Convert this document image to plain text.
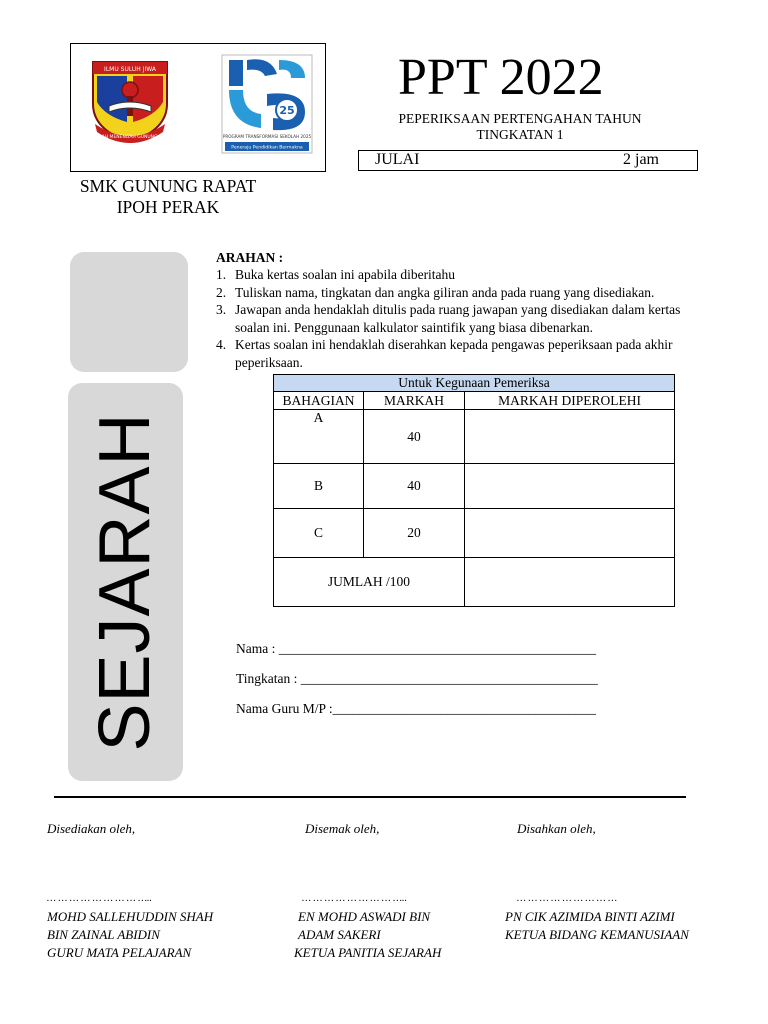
ILMU SULUH JIWA
SEKOLAH MENENGAH GUNUNG RAPAT
25
PROGRAM TRANSFORMASI SEKOLAH 2025
Peneraju Pendidikan Bermakna
PPT 2022
PEPERIKSAAN PERTENGAHAN TAHUN
TINGKATAN 1
JULAI	2 jam
SMK GUNUNG RAPAT
IPOH PERAK
SEJARAH
ARAHAN :
1. Buka kertas soalan ini apabila diberitahu
2. Tuliskan nama, tingkatan dan angka giliran anda pada ruang yang disediakan.
3. Jawapan anda hendaklah ditulis pada ruang jawapan yang disediakan dalam kertas soalan ini. Penggunaan kalkulator saintifik yang biasa dibenarkan.
4. Kertas soalan ini hendaklah diserahkan kepada pengawas peperiksaan pada akhir peperiksaan.
Untuk Kegunaan Pemeriksa		
BAHAGIAN	MARKAH	MARKAH DIPEROLEHI
A	40	
B	40	
C	20	
JUMLAH /100		
Nama : _______________________________________________
Tingkatan : ____________________________________________
Nama Guru M/P :_______________________________________
Disediakan oleh,
… … … … … … … … …..
MOHD SALLEHUDDIN SHAH
BIN ZAINAL ABIDIN
GURU MATA PELAJARAN
Disemak oleh,
… … … … … … … … …..
EN MOHD ASWADI BIN
ADAM SAKERI
KETUA PANITIA SEJARAH
Disahkan oleh,
… … … … … … … … …
PN CIK AZIMIDA BINTI AZIMI
KETUA BIDANG KEMANUSIAAN
